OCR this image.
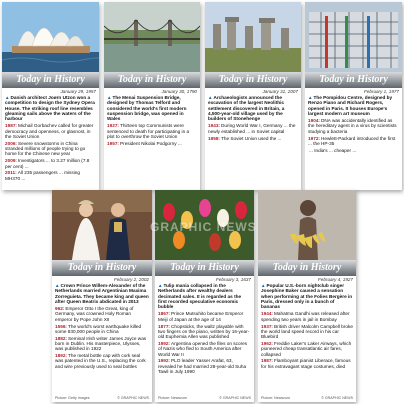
Today in History
January 29, 1957
▲Danish architect Joørn Utzon won a competition to design the Sydney Opera House. The striking roof line resembles gleaming sails above the waters of the harbour
1987:Michail Gorbachev called for greater democracy and openness, or glasnost, in the Soviet Union
2006:Severe snowstorms in China stranded millions of people trying to go home for the Chinese new year
2009:Investigators ... to 3.27 million (7.8 per cent) ...
2011:All 235 passengers ... missing MH370 ...
Today in History
January 30, 1790
▲The Menai Suspension Bridge, designed by Thomas Telford and considered the world's first modern suspension bridge, was opened in Wales
1927:Thirteen top Communists were sentenced to death for participating in a plot to overthrow the Soviet Union
1957:President Nikolai Podgorny ...
Today in History
January 31, 2007
▲Archaeologists announced the excavation of the largest Neolithic settlement discovered in Britain, a 4,500-year-old village used by the builders of Stonehenge
1943:During World War I, Germany ... the newly established ... in Soviet capital
1958:The Soviet Union used the ...
Today in History
February 1, 1977
▲The Pompidou Centre, designed by Renzo Piano and Richard Rogers, opened in Paris. It houses Europe's largest modern art museum
1904:DNA was accidentally identified as the hereditary agent in a virus by scientists studying a bacteria
1972:Hewlett-Packard introduced the first ... the HP-35
... India's ... cheaper ...
Today in History
February 2, 2002
▲Crown Prince Willem-Alexander of the Netherlands married Argentinian Maxima Zorreguieta. They became king and queen after Queen Beatrix abdicated in 2013
962:Emperor Otto I the Great, king of Germany, was crowned Holy Roman emperor by Pope John XII
1556:The world's worst earthquake killed some 830,000 people in China
1882:Seminal Irish writer James Joyce was born in Dublin. His masterpiece, Ulysses, was published in 1922
1892:The metal bottle cap with cork seal was patented in the U.S., replacing the cork and wire previously used to seal bottles
Picture: Getty Images	© GRAPHIC NEWS
Today in History
February 3, 1637
▲Tulip mania collapsed in the Netherlands after wealthy dealers decimated sales. It is regarded as the first recorded speculative economic bubble
1867:Prince Mutsuhito became Emperor Meiji of Japan at the age of 14
1877:Chopsticks, the waltz playable with two fingers on the piano, written by 16-year-old Euphemia Allen was published
1992:Argentina opened the files on scores of Nazis who fled to South America after World War II
1992:PLO leader Yasser Arafat, 63, revealed he had married 28-year-old Suha Tawil in July 1990
Picture: Newscom	© GRAPHIC NEWS
Today in History
February 4, 1927
▲Popular U.S.-born nightclub singer Josephine Baker caused a sensation when performing at the Folies Bergère in Paris, dressed only in a bunch of bananas
1944:Mahatma Gandhi was released after spending two years in jail in Bombay
1937:British driver Malcolm Campbell broke the world land speed record in his car Bluebird
1962:Freddie Laker's Laker Airways, which pioneered cheap transatlantic air fares, collapsed
1987:Flamboyant pianist Liberace, famous for his extravagant stage costumes, died
Picture: Newscom	© GRAPHIC NEWS
GRAPHIC NEWS
